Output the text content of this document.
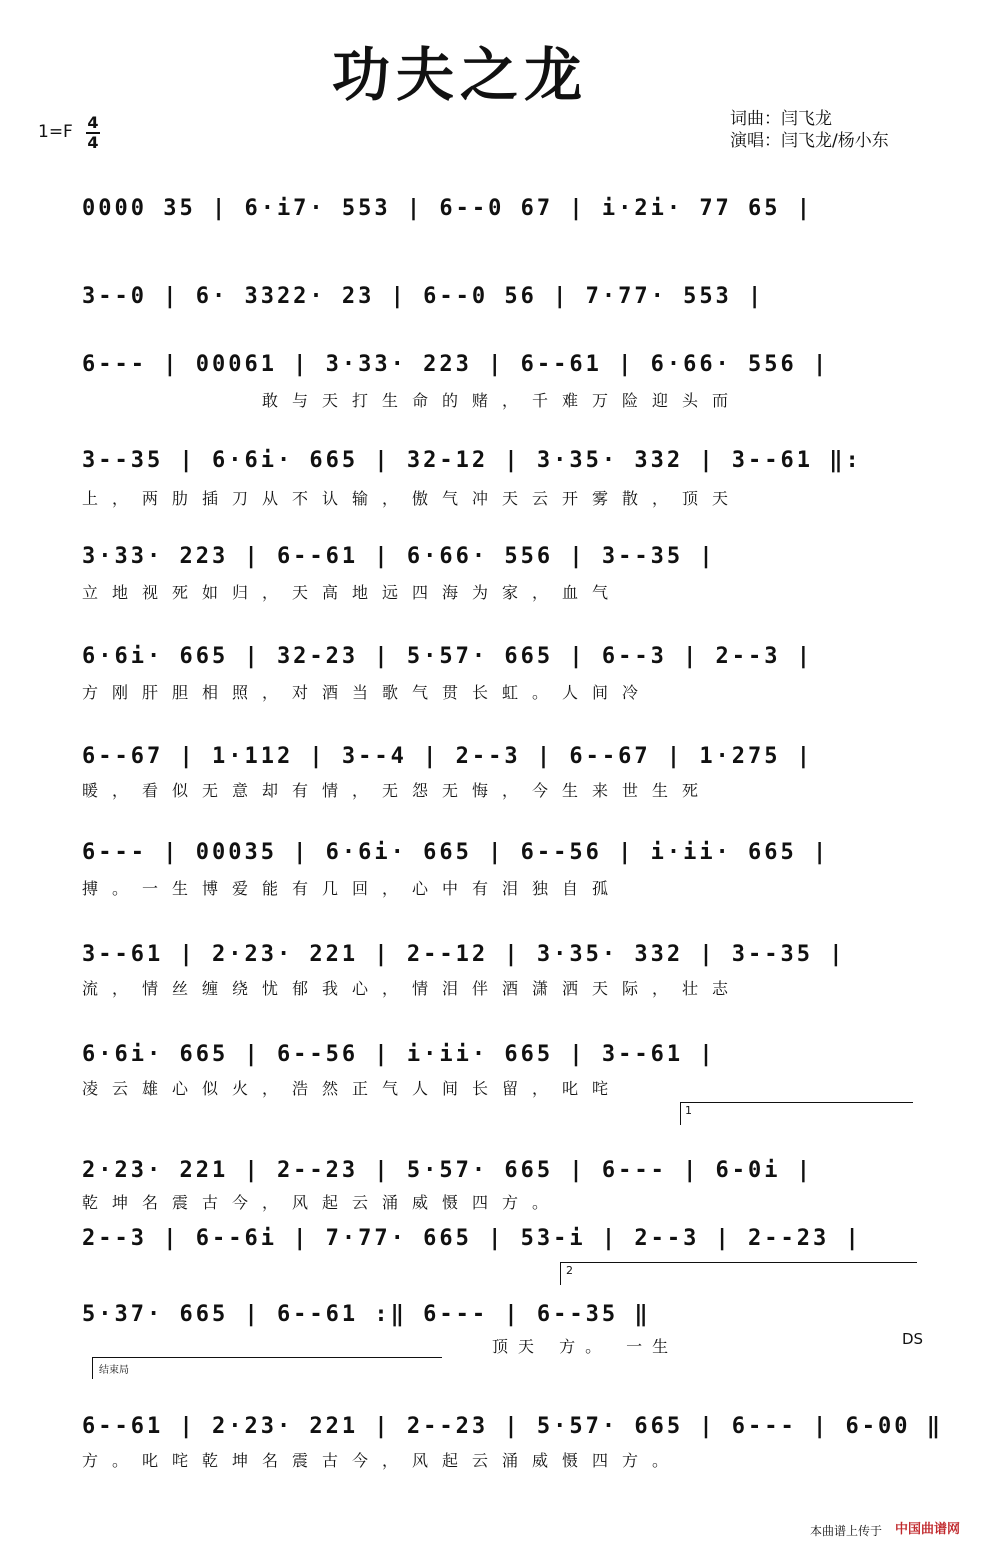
功夫之龙
1=F 4
4
词曲：闫飞龙
演唱：闫飞龙/杨小东
0000 35 | 6·i7· 553 | 6--0 67 | i·2i· 77 65 |
3--0 | 6· 3322· 23 | 6--0 56 | 7·77· 553 |
6--- | 00061 | 3·33· 223 | 6--61 | 6·66· 556 |
敢与天打生命的赌，千难万险迎头而
3--35 | 6·6i· 665 | 32-12 | 3·35· 332 | 3--61 ‖:
上，两肋插刀从不认输，傲气冲天云开雾散，顶天
3·33· 223 | 6--61 | 6·66· 556 | 3--35 |
立地视死如归，天高地远四海为家，血气
6·6i· 665 | 32-23 | 5·57· 665 | 6--3 | 2--3 |
方刚肝胆相照，对酒当歌气贯长虹。人间冷
6--67 | 1·112 | 3--4 | 2--3 | 6--67 | 1·275 |
暖，看似无意却有情，无怨无悔，今生来世生死
6--- | 00035 | 6·6i· 665 | 6--56 | i·ii· 665 |
搏。一生博爱能有几回，心中有泪独自孤
3--61 | 2·23· 221 | 2--12 | 3·35· 332 | 3--35 |
流，情丝缠绕忧郁我心，情泪伴酒潇洒天际，壮志
6·6i· 665 | 6--56 | i·ii· 665 | 3--61 |
凌云雄心似火，浩然正气人间长留，叱咤
1
2·23· 221 | 2--23 | 5·57· 665 | 6--- | 6-0i |
乾坤名震古今，风起云涌威慑四方。
2--3 | 6--6i | 7·77· 665 | 53-i | 2--3 | 2--23 |
2
5·37· 665 | 6--61 :‖ 6--- | 6--35 ‖
顶天 方。 一生	DS
结束局
6--61 | 2·23· 221 | 2--23 | 5·57· 665 | 6--- | 6-00 ‖
方。叱咤乾坤名震古今，风起云涌威慑四方。
本曲谱上传于 中国曲谱网
